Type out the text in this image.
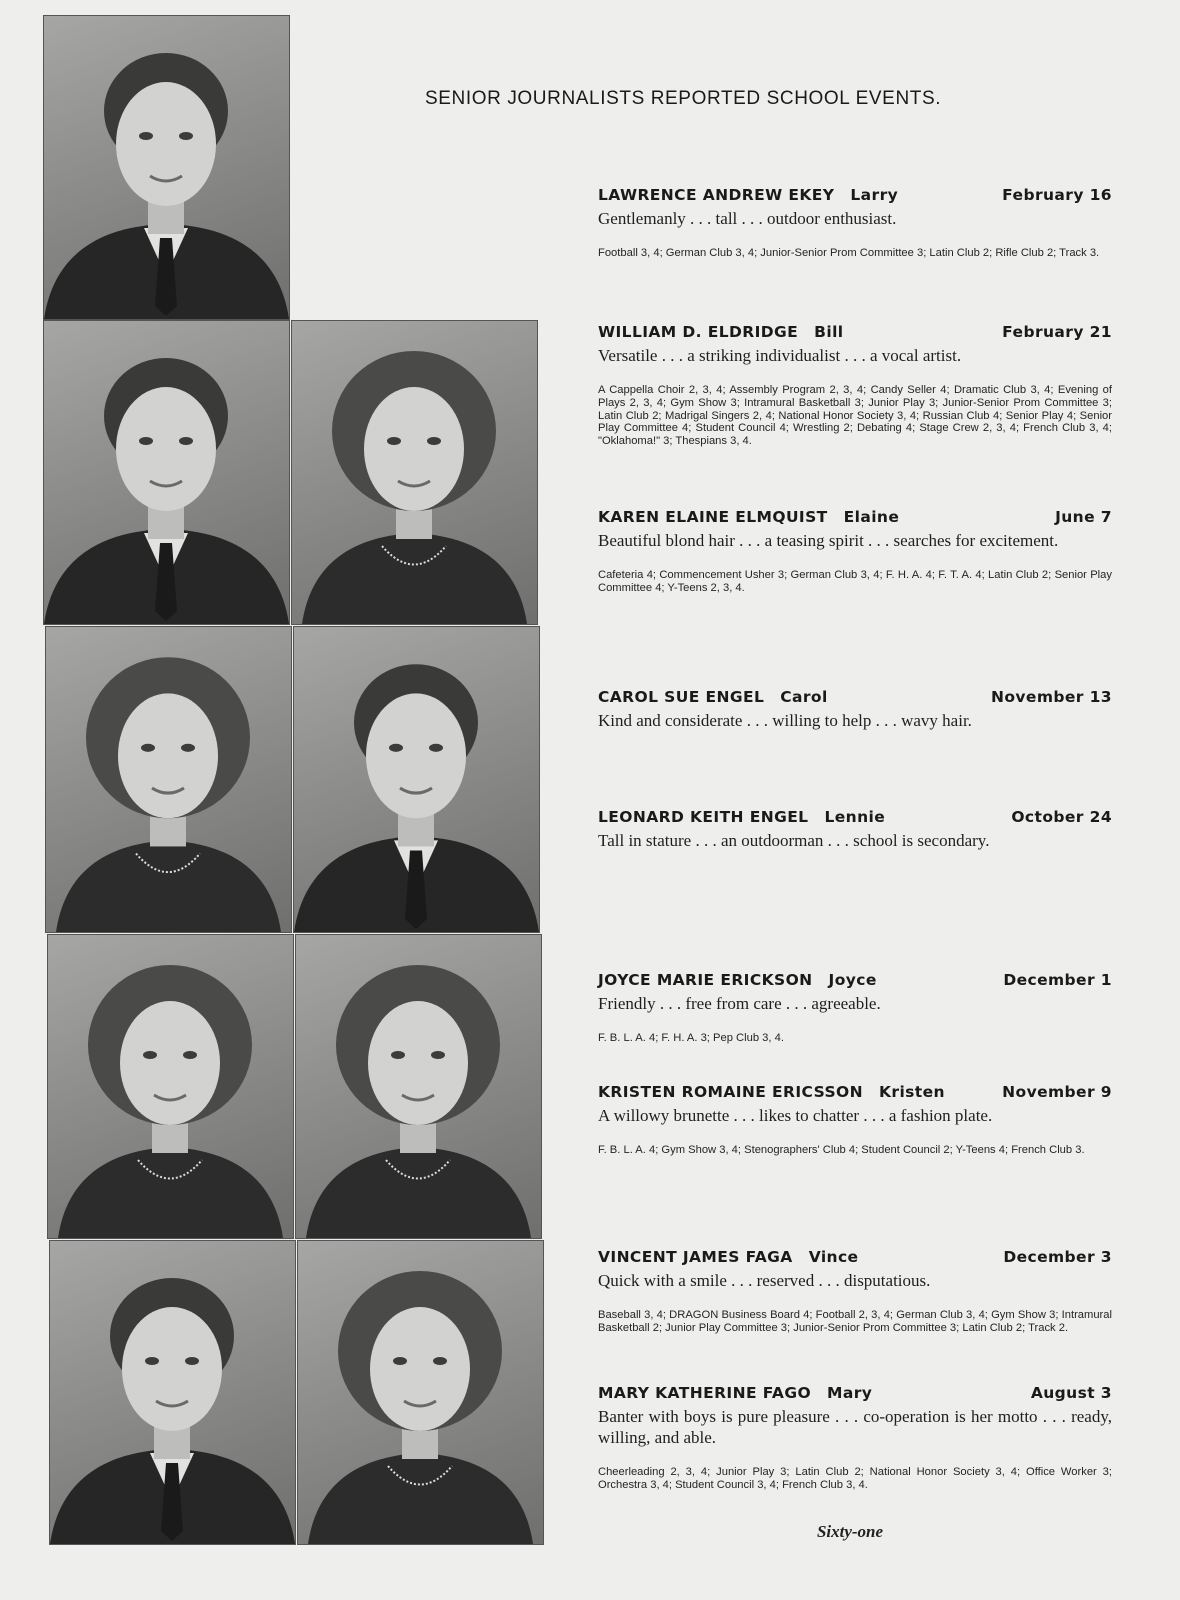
SENIOR JOURNALISTS REPORTED SCHOOL EVENTS.
LAWRENCE ANDREW EKEY Larry	February 16
Gentlemanly . . . tall . . . outdoor enthusiast.
Football 3, 4; German Club 3, 4; Junior-Senior Prom Committee 3; Latin Club 2; Rifle Club 2; Track 3.
WILLIAM D. ELDRIDGE Bill	February 21
Versatile . . . a striking individualist . . . a vocal artist.
A Cappella Choir 2, 3, 4; Assembly Program 2, 3, 4; Candy Seller 4; Dramatic Club 3, 4; Evening of Plays 2, 3, 4; Gym Show 3; Intramural Basketball 3; Junior Play 3; Junior-Senior Prom Committee 3; Latin Club 2; Madrigal Singers 2, 4; National Honor Society 3, 4; Russian Club 4; Senior Play 4; Senior Play Committee 4; Student Council 4; Wrestling 2; Debating 4; Stage Crew 2, 3, 4; French Club 3, 4; "Oklahoma!" 3; Thespians 3, 4.
KAREN ELAINE ELMQUIST Elaine	June 7
Beautiful blond hair . . . a teasing spirit . . . searches for excitement.
Cafeteria 4; Commencement Usher 3; German Club 3, 4; F. H. A. 4; F. T. A. 4; Latin Club 2; Senior Play Committee 4; Y-Teens 2, 3, 4.
CAROL SUE ENGEL Carol	November 13
Kind and considerate . . . willing to help . . . wavy hair.
LEONARD KEITH ENGEL Lennie	October 24
Tall in stature . . . an outdoorman . . . school is secondary.
JOYCE MARIE ERICKSON Joyce	December 1
Friendly . . . free from care . . . agreeable.
F. B. L. A. 4; F. H. A. 3; Pep Club 3, 4.
KRISTEN ROMAINE ERICSSON Kristen	November 9
A willowy brunette . . . likes to chatter . . . a fashion plate.
F. B. L. A. 4; Gym Show 3, 4; Stenographers' Club 4; Student Council 2; Y-Teens 4; French Club 3.
VINCENT JAMES FAGA Vince	December 3
Quick with a smile . . . reserved . . . disputatious.
Baseball 3, 4; DRAGON Business Board 4; Football 2, 3, 4; German Club 3, 4; Gym Show 3; Intramural Basketball 2; Junior Play Committee 3; Junior-Senior Prom Committee 3; Latin Club 2; Track 2.
MARY KATHERINE FAGO Mary	August 3
Banter with boys is pure pleasure . . . co-operation is her motto . . . ready, willing, and able.
Cheerleading 2, 3, 4; Junior Play 3; Latin Club 2; National Honor Society 3, 4; Office Worker 3; Orchestra 3, 4; Student Council 3, 4; French Club 3, 4.
Sixty-one
